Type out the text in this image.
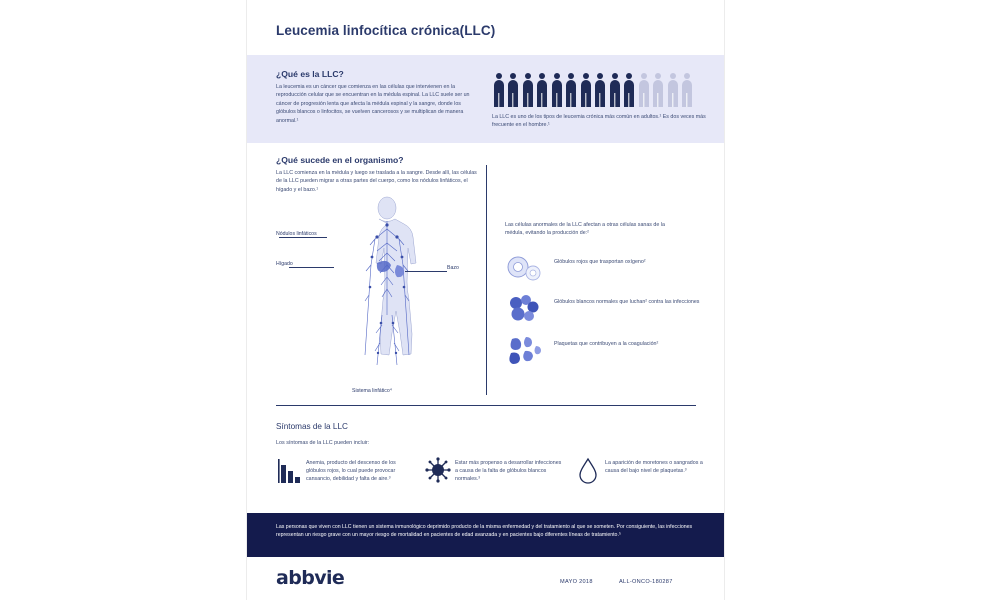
Leucemia linfocítica crónica(LLC)
¿Qué es la LLC?
La leucemia es un cáncer que comienza en las células que intervienen en la reproducción celular que se encuentran en la médula espinal. La LLC suele ser un cáncer de progresión lenta que afecta la médula espinal y la sangre, donde los glóbulos blancos o linfocitos, se vuelven cancerosos y se multiplican de manera anormal.¹
La LLC es uno de los tipos de leucemia crónica más común en adultos.¹ Es dos veces más frecuente en el hombre.¹
¿Qué sucede en el organismo?
La LLC comienza en la médula y luego se traslada a la sangre. Desde allí, las células de la LLC pueden migrar a otras partes del cuerpo, como los nódulos linfáticos, el hígado y el bazo.¹
Nódulos linfáticos
Hígado
Bazo
Sistema linfático⁴
Las células anormales de la LLC afectan a otras células sanas de la médula, evitando la producción de:²
Glóbulos rojos que trasportan oxígeno²
Glóbulos blancos normales que luchan² contra las infecciones
Plaquetas que contribuyen a la coagulación²
Síntomas de la LLC
Los síntomas de la LLC pueden incluir:
Anemia, producto del descenso de los glóbulos rojos, lo cual puede provocar cansancio, debilidad y falta de aire.³
Estar más propenso a desarrollar infecciones a causa de la falta de glóbulos blancos normales.³
La aparición de moretones o sangrados a causa del bajo nivel de plaquetas.³

Las personas que viven con LLC tienen un sistema inmunológico deprimido producto de la misma enfermedad y del tratamiento al que se someten. Por consiguiente, las infecciones representan un riesgo grave con un mayor riesgo de mortalidad en pacientes de edad avanzada y en pacientes bajo diferentes líneas de tratamiento.⁵

abbvie	MAYO 2018	ALL-ONCO-180287
